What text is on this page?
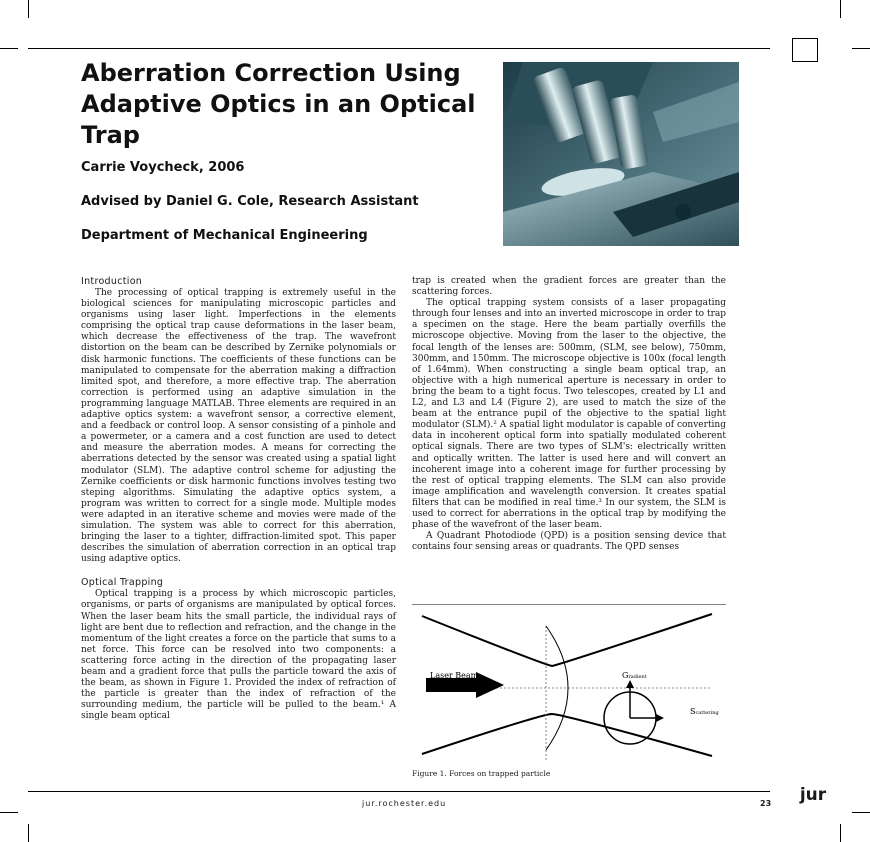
Aberration Correction Using Adaptive Optics in an Optical Trap
Carrie Voycheck, 2006
Advised by Daniel G. Cole, Research Assistant
Department of Mechanical Engineering
Introduction

The processing of optical trapping is extremely useful in the biological sciences for manipulating microscopic particles and organisms using laser light. Imperfections in the elements comprising the optical trap cause deformations in the laser beam, which decrease the effectiveness of the trap. The wavefront distortion on the beam can be described by Zernike polynomials or disk harmonic functions. The coefficients of these functions can be manipulated to compensate for the aberration making a diffraction limited spot, and therefore, a more effective trap. The aberration correction is performed using an adaptive simulation in the programming language MATLAB. Three elements are required in an adaptive optics system: a wavefront sensor, a corrective element, and a feedback or control loop. A sensor consisting of a pinhole and a powermeter, or a camera and a cost function are used to detect and measure the aberration modes. A means for correcting the aberrations detected by the sensor was created using a spatial light modulator (SLM). The adaptive control scheme for adjusting the Zernike coefficients or disk harmonic functions involves testing two steping algorithms. Simulating the adaptive optics system, a program was written to correct for a single mode. Multiple modes were adapted in an iterative scheme and movies were made of the simulation. The system was able to correct for this aberration, bringing the laser to a tighter, diffraction-limited spot. This paper describes the simulation of aberration correction in an optical trap using adaptive optics.

Optical Trapping

Optical trapping is a process by which microscopic particles, organisms, or parts of organisms are manipulated by optical forces. When the laser beam hits the small particle, the individual rays of light are bent due to reflection and refraction, and the change in the momentum of the light creates a force on the particle that sums to a net force. This force can be resolved into two components: a scattering force acting in the direction of the propagating laser beam and a gradient force that pulls the particle toward the axis of the beam, as shown in Figure 1. Provided the index of refraction of the particle is greater than the index of refraction of the surrounding medium, the particle will be pulled to the beam.¹ A single beam optical

trap is created when the gradient forces are greater than the scattering forces.

The optical trapping system consists of a laser propagating through four lenses and into an inverted microscope in order to trap a specimen on the stage. Here the beam partially overfills the microscope objective. Moving from the laser to the objective, the focal length of the lenses are: 500mm, (SLM, see below), 750mm, 300mm, and 150mm. The microscope objective is 100x (focal length of 1.64mm). When constructing a single beam optical trap, an objective with a high numerical aperture is necessary in order to bring the beam to a tight focus. Two telescopes, created by L1 and L2, and L3 and L4 (Figure 2), are used to match the size of the beam at the entrance pupil of the objective to the spatial light modulator (SLM).² A spatial light modulator is capable of converting data in incoherent optical form into spatially modulated coherent optical signals. There are two types of SLM's: electrically written and optically written. The latter is used here and will convert an incoherent image into a coherent image for further processing by the rest of optical trapping elements. The SLM can also provide image amplification and wavelength conversion. It creates spatial filters that can be modified in real time.³ In our system, the SLM is used to correct for aberrations in the optical trap by modifying the phase of the wavefront of the laser beam.

A Quadrant Photodiode (QPD) is a position sensing device that contains four sensing areas or quadrants. The QPD senses

Laser Beam	Gradient
Scattering
Figure 1. Forces on trapped particle
jur.rochester.edu	23	jur
